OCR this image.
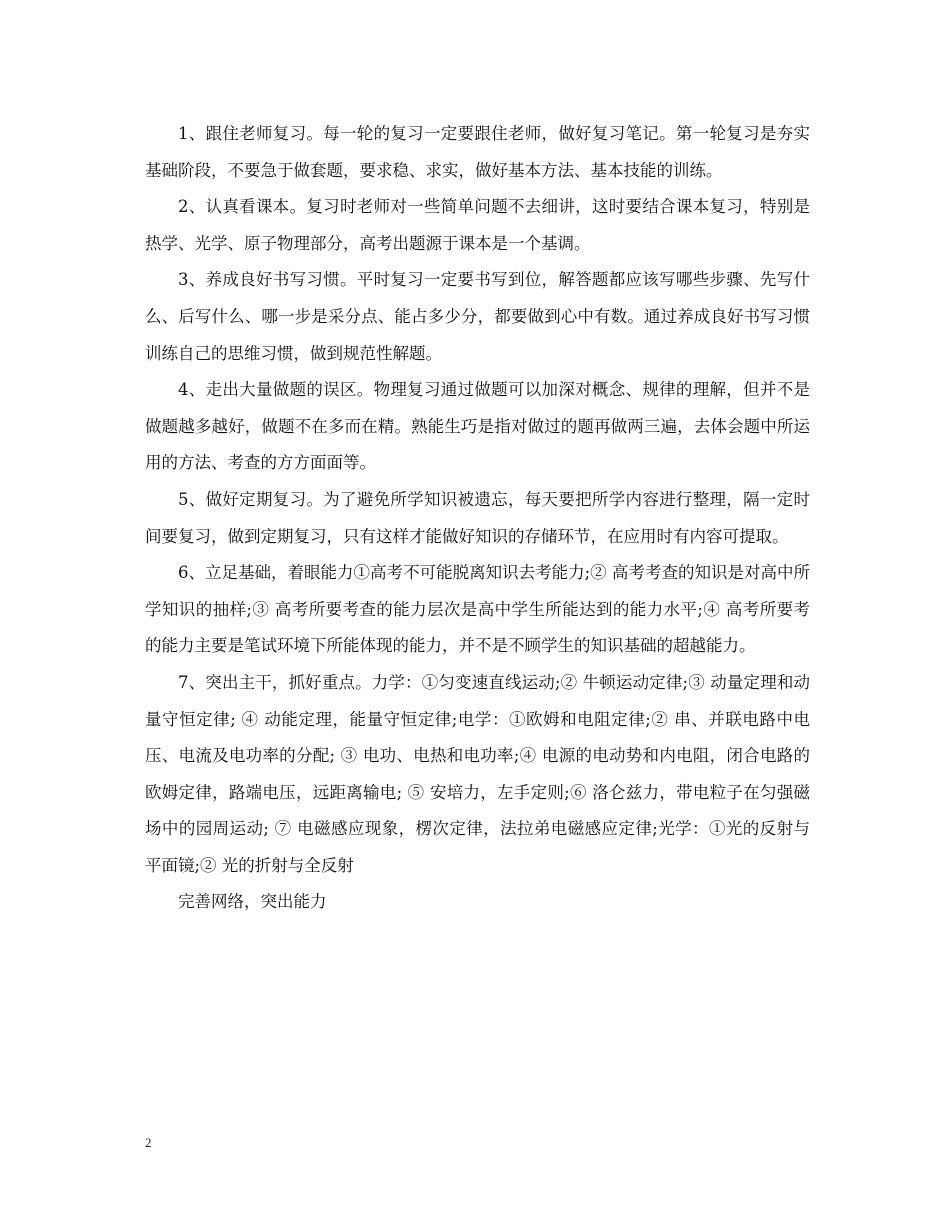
1、跟住老师复习。每一轮的复习一定要跟住老师，做好复习笔记。第一轮复习是夯实基础阶段，不要急于做套题，要求稳、求实，做好基本方法、基本技能的训练。

2、认真看课本。复习时老师对一些简单问题不去细讲，这时要结合课本复习，特别是热学、光学、原子物理部分，高考出题源于课本是一个基调。

3、养成良好书写习惯。平时复习一定要书写到位，解答题都应该写哪些步骤、先写什么、后写什么、哪一步是采分点、能占多少分，都要做到心中有数。通过养成良好书写习惯训练自己的思维习惯，做到规范性解题。

4、走出大量做题的误区。物理复习通过做题可以加深对概念、规律的理解，但并不是做题越多越好，做题不在多而在精。熟能生巧是指对做过的题再做两三遍，去体会题中所运用的方法、考查的方方面面等。

5、做好定期复习。为了避免所学知识被遗忘，每天要把所学内容进行整理，隔一定时间要复习，做到定期复习，只有这样才能做好知识的存储环节，在应用时有内容可提取。

6、立足基础，着眼能力①高考不可能脱离知识去考能力;② 高考考查的知识是对高中所学知识的抽样;③ 高考所要考查的能力层次是高中学生所能达到的能力水平;④ 高考所要考的能力主要是笔试环境下所能体现的能力，并不是不顾学生的知识基础的超越能力。

7、突出主干，抓好重点。力学：①匀变速直线运动;② 牛顿运动定律;③ 动量定理和动量守恒定律; ④ 动能定理，能量守恒定律;电学：①欧姆和电阻定律;② 串、并联电路中电压、电流及电功率的分配; ③ 电功、电热和电功率;④ 电源的电动势和内电阻，闭合电路的欧姆定律，路端电压，远距离输电; ⑤ 安培力，左手定则;⑥ 洛仑兹力，带电粒子在匀强磁场中的园周运动; ⑦ 电磁感应现象，楞次定律，法拉弟电磁感应定律;光学：①光的反射与平面镜;② 光的折射与全反射

完善网络，突出能力

2
